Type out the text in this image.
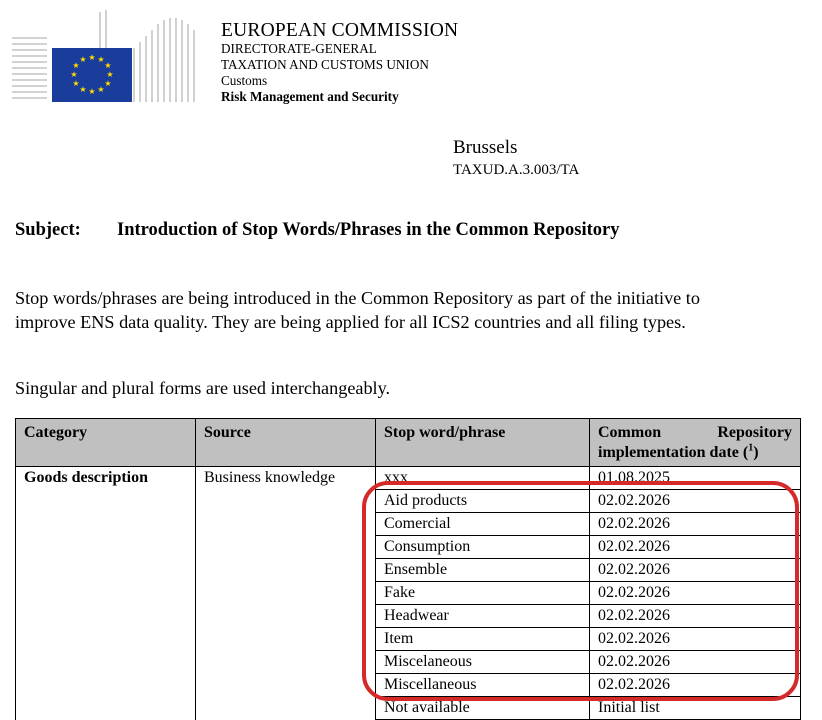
★ ★
★
★
★
★
★
★
★
★
★
★
EUROPEAN COMMISSION
DIRECTORATE-GENERAL
TAXATION AND CUSTOMS UNION
Customs
Risk Management and Security
Brussels
TAXUD.A.3.003/TA
Subject: Introduction of Stop Words/Phrases in the Common Repository
Stop words/phrases are being introduced in the Common Repository as part of the initiative to improve ENS data quality. They are being applied for all ICS2 countries and all filing types.
Singular and plural forms are used interchangeably.
Category	Source	Stop word/phrase	Common Repository
implementation date ($^1$)

Goods description	Business knowledge	xxx	01.08.2025
		Aid products	02.02.2026
		Comercial	02.02.2026
		Consumption	02.02.2026
		Ensemble	02.02.2026
		Fake	02.02.2026
		Headwear	02.02.2026
		Item	02.02.2026
		Miscelaneous	02.02.2026
		Miscellaneous	02.02.2026
		Not available	Initial list
